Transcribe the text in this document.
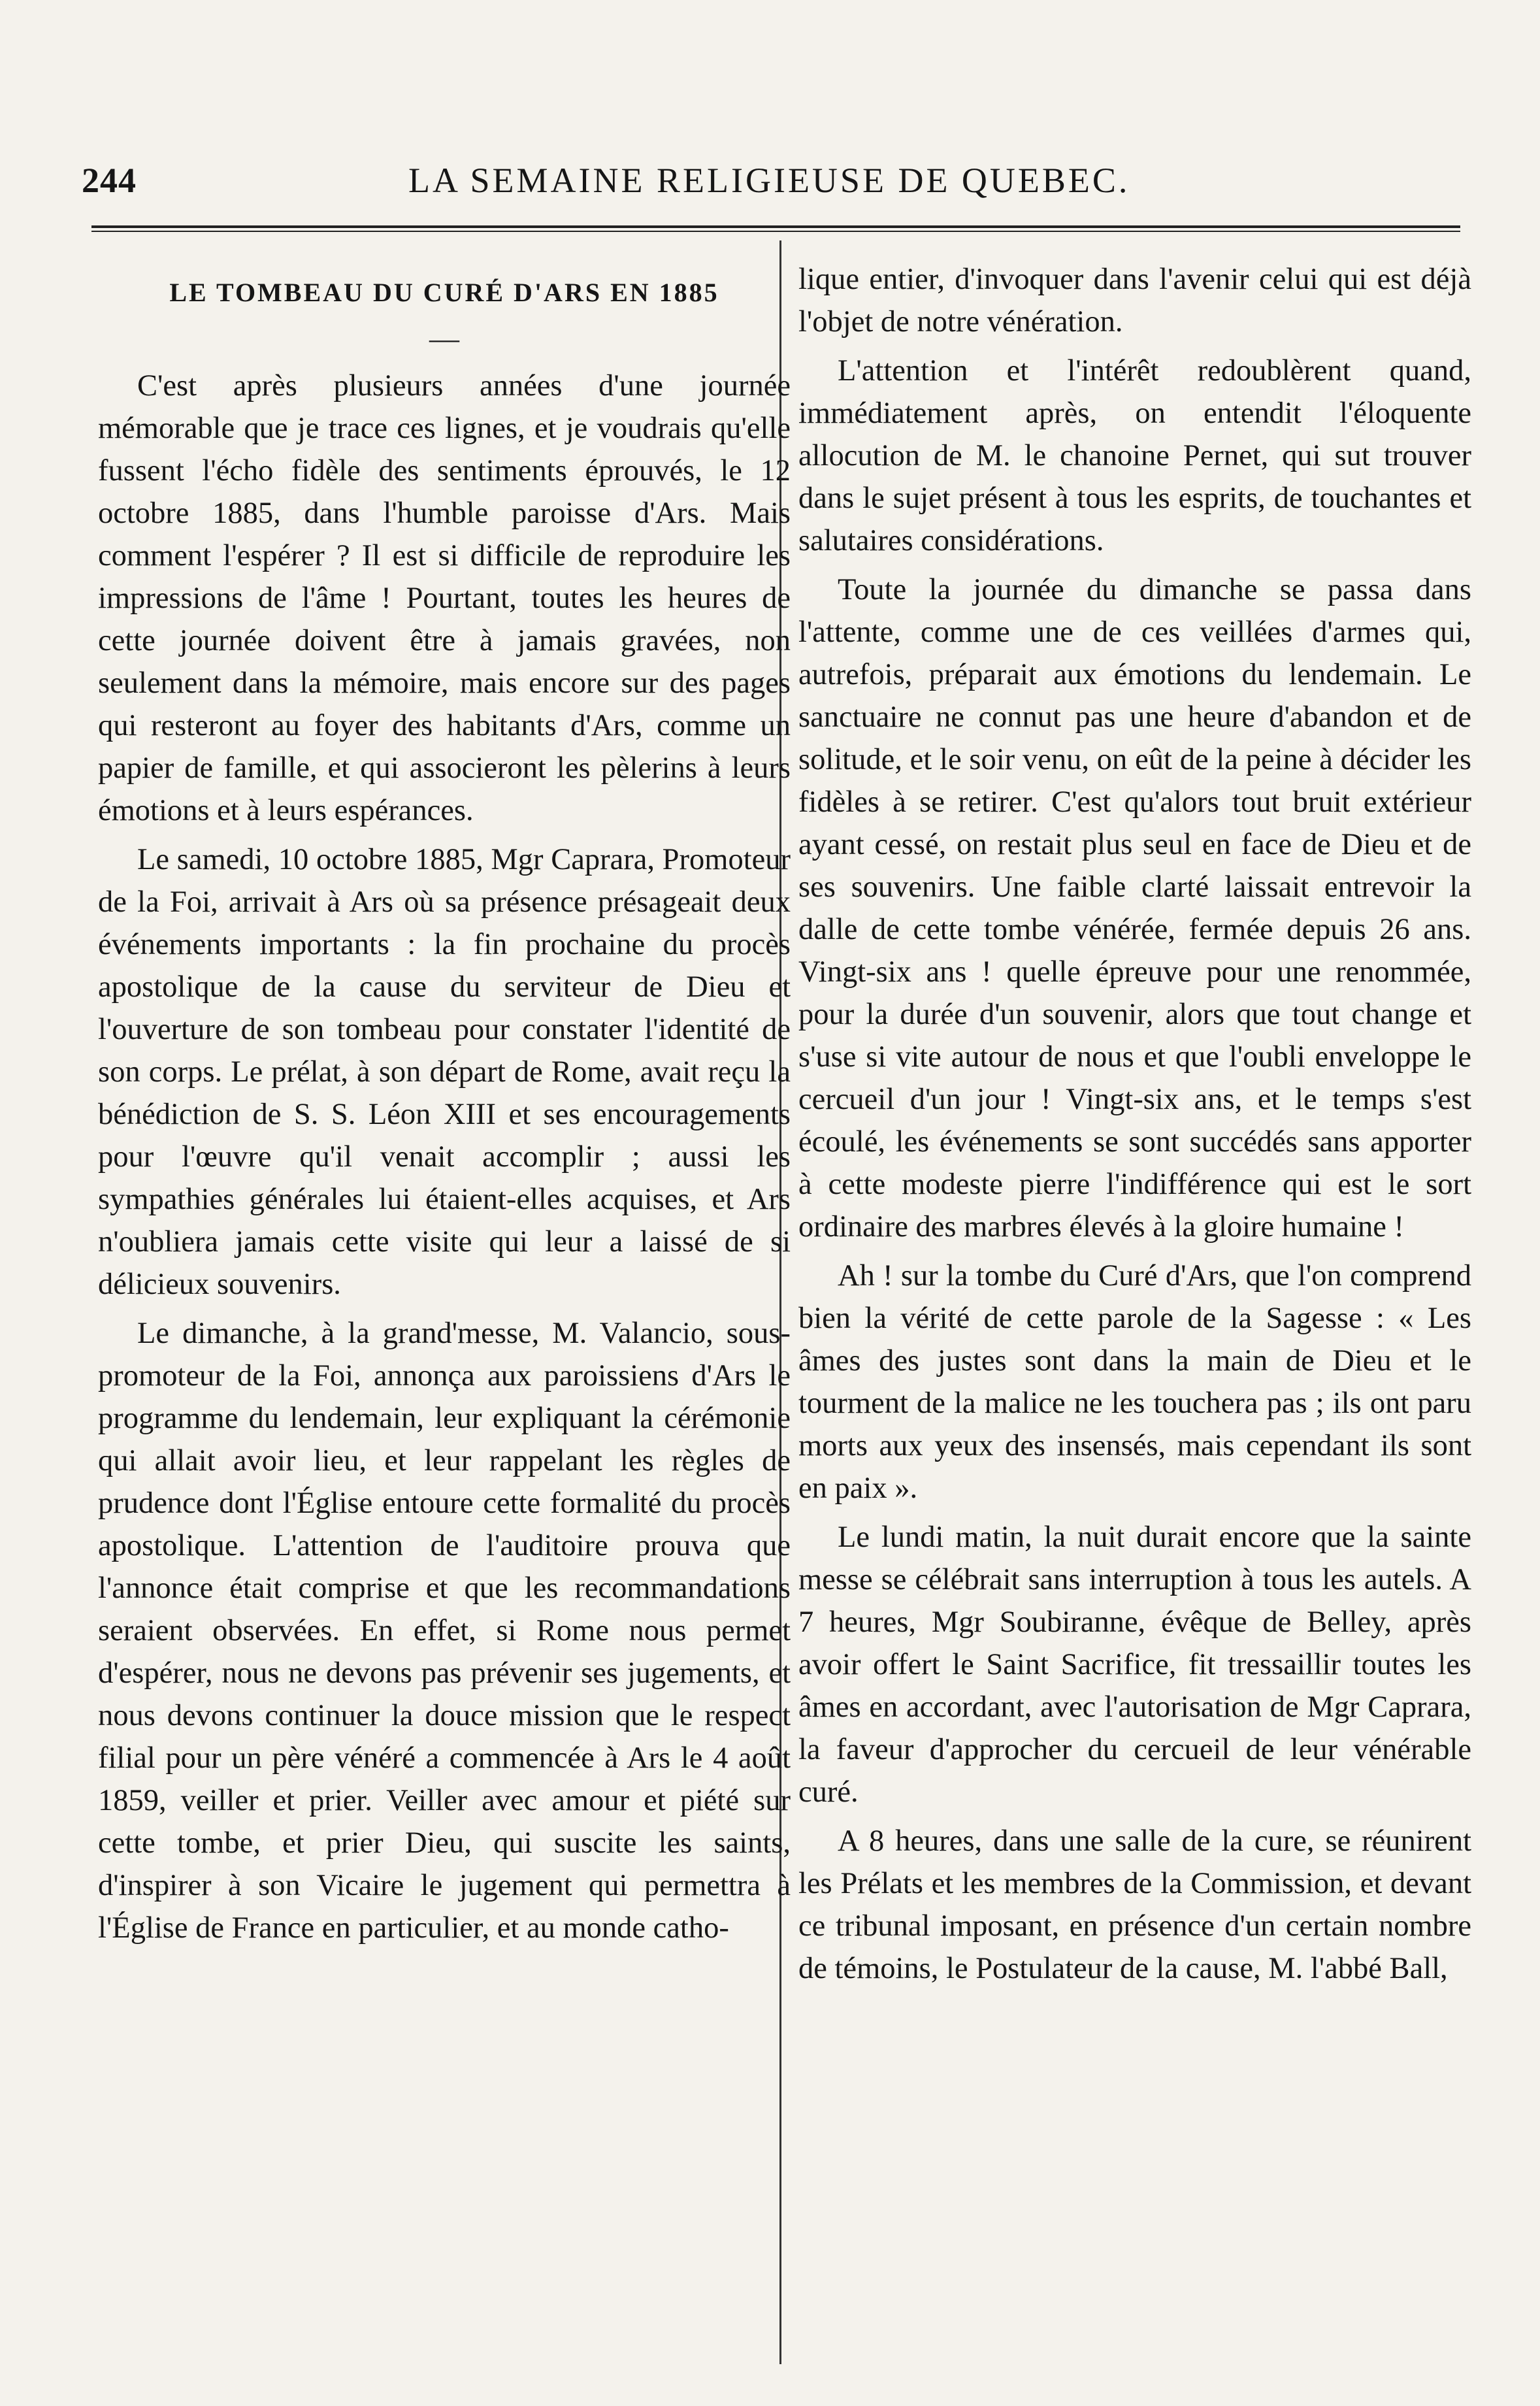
244	LA SEMAINE RELIGIEUSE DE QUEBEC.
LE TOMBEAU DU CURÉ D'ARS EN 1885
—

C'est après plusieurs années d'une journée mémorable que je trace ces lignes, et je voudrais qu'elle fussent l'écho fidèle des sentiments éprouvés, le 12 octobre 1885, dans l'humble paroisse d'Ars. Mais comment l'espérer ? Il est si difficile de reproduire les impressions de l'âme ! Pourtant, toutes les heures de cette journée doivent être à jamais gravées, non seulement dans la mémoire, mais encore sur des pages qui resteront au foyer des habitants d'Ars, comme un papier de famille, et qui associeront les pèlerins à leurs émotions et à leurs espérances.

Le samedi, 10 octobre 1885, Mgr Caprara, Promoteur de la Foi, arrivait à Ars où sa présence présageait deux événements importants : la fin prochaine du procès apostolique de la cause du serviteur de Dieu et l'ouverture de son tombeau pour constater l'identité de son corps. Le prélat, à son départ de Rome, avait reçu la bénédiction de S. S. Léon XIII et ses encouragements pour l'œuvre qu'il venait accomplir ; aussi les sympathies générales lui étaient-elles acquises, et Ars n'oubliera jamais cette visite qui leur a laissé de si délicieux souvenirs.

Le dimanche, à la grand'messe, M. Valancio, sous-promoteur de la Foi, annonça aux paroissiens d'Ars le programme du lendemain, leur expliquant la cérémonie qui allait avoir lieu, et leur rappelant les règles de prudence dont l'Église entoure cette formalité du procès apostolique. L'attention de l'auditoire prouva que l'annonce était comprise et que les recommandations seraient observées. En effet, si Rome nous permet d'espérer, nous ne devons pas prévenir ses jugements, et nous devons continuer la douce mission que le respect filial pour un père vénéré a commencée à Ars le 4 août 1859, veiller et prier. Veiller avec amour et piété sur cette tombe, et prier Dieu, qui suscite les saints, d'inspirer à son Vicaire le jugement qui permettra à l'Église de France en particulier, et au monde catho-

lique entier, d'invoquer dans l'avenir celui qui est déjà l'objet de notre vénération.

L'attention et l'intérêt redoublèrent quand, immédiatement après, on entendit l'éloquente allocution de M. le chanoine Pernet, qui sut trouver dans le sujet présent à tous les esprits, de touchantes et salutaires considérations.

Toute la journée du dimanche se passa dans l'attente, comme une de ces veillées d'armes qui, autrefois, préparait aux émotions du lendemain. Le sanctuaire ne connut pas une heure d'abandon et de solitude, et le soir venu, on eût de la peine à décider les fidèles à se retirer. C'est qu'alors tout bruit extérieur ayant cessé, on restait plus seul en face de Dieu et de ses souvenirs. Une faible clarté laissait entrevoir la dalle de cette tombe vénérée, fermée depuis 26 ans. Vingt-six ans ! quelle épreuve pour une renommée, pour la durée d'un souvenir, alors que tout change et s'use si vite autour de nous et que l'oubli enveloppe le cercueil d'un jour ! Vingt-six ans, et le temps s'est écoulé, les événements se sont succédés sans apporter à cette modeste pierre l'indifférence qui est le sort ordinaire des marbres élevés à la gloire humaine !

Ah ! sur la tombe du Curé d'Ars, que l'on comprend bien la vérité de cette parole de la Sagesse : « Les âmes des justes sont dans la main de Dieu et le tourment de la malice ne les touchera pas ; ils ont paru morts aux yeux des insensés, mais cependant ils sont en paix ».

Le lundi matin, la nuit durait encore que la sainte messe se célébrait sans interruption à tous les autels. A 7 heures, Mgr Soubiranne, évêque de Belley, après avoir offert le Saint Sacrifice, fit tressaillir toutes les âmes en accordant, avec l'autorisation de Mgr Caprara, la faveur d'approcher du cercueil de leur vénérable curé.

A 8 heures, dans une salle de la cure, se réunirent les Prélats et les membres de la Commission, et devant ce tribunal imposant, en présence d'un certain nombre de témoins, le Postulateur de la cause, M. l'abbé Ball,
